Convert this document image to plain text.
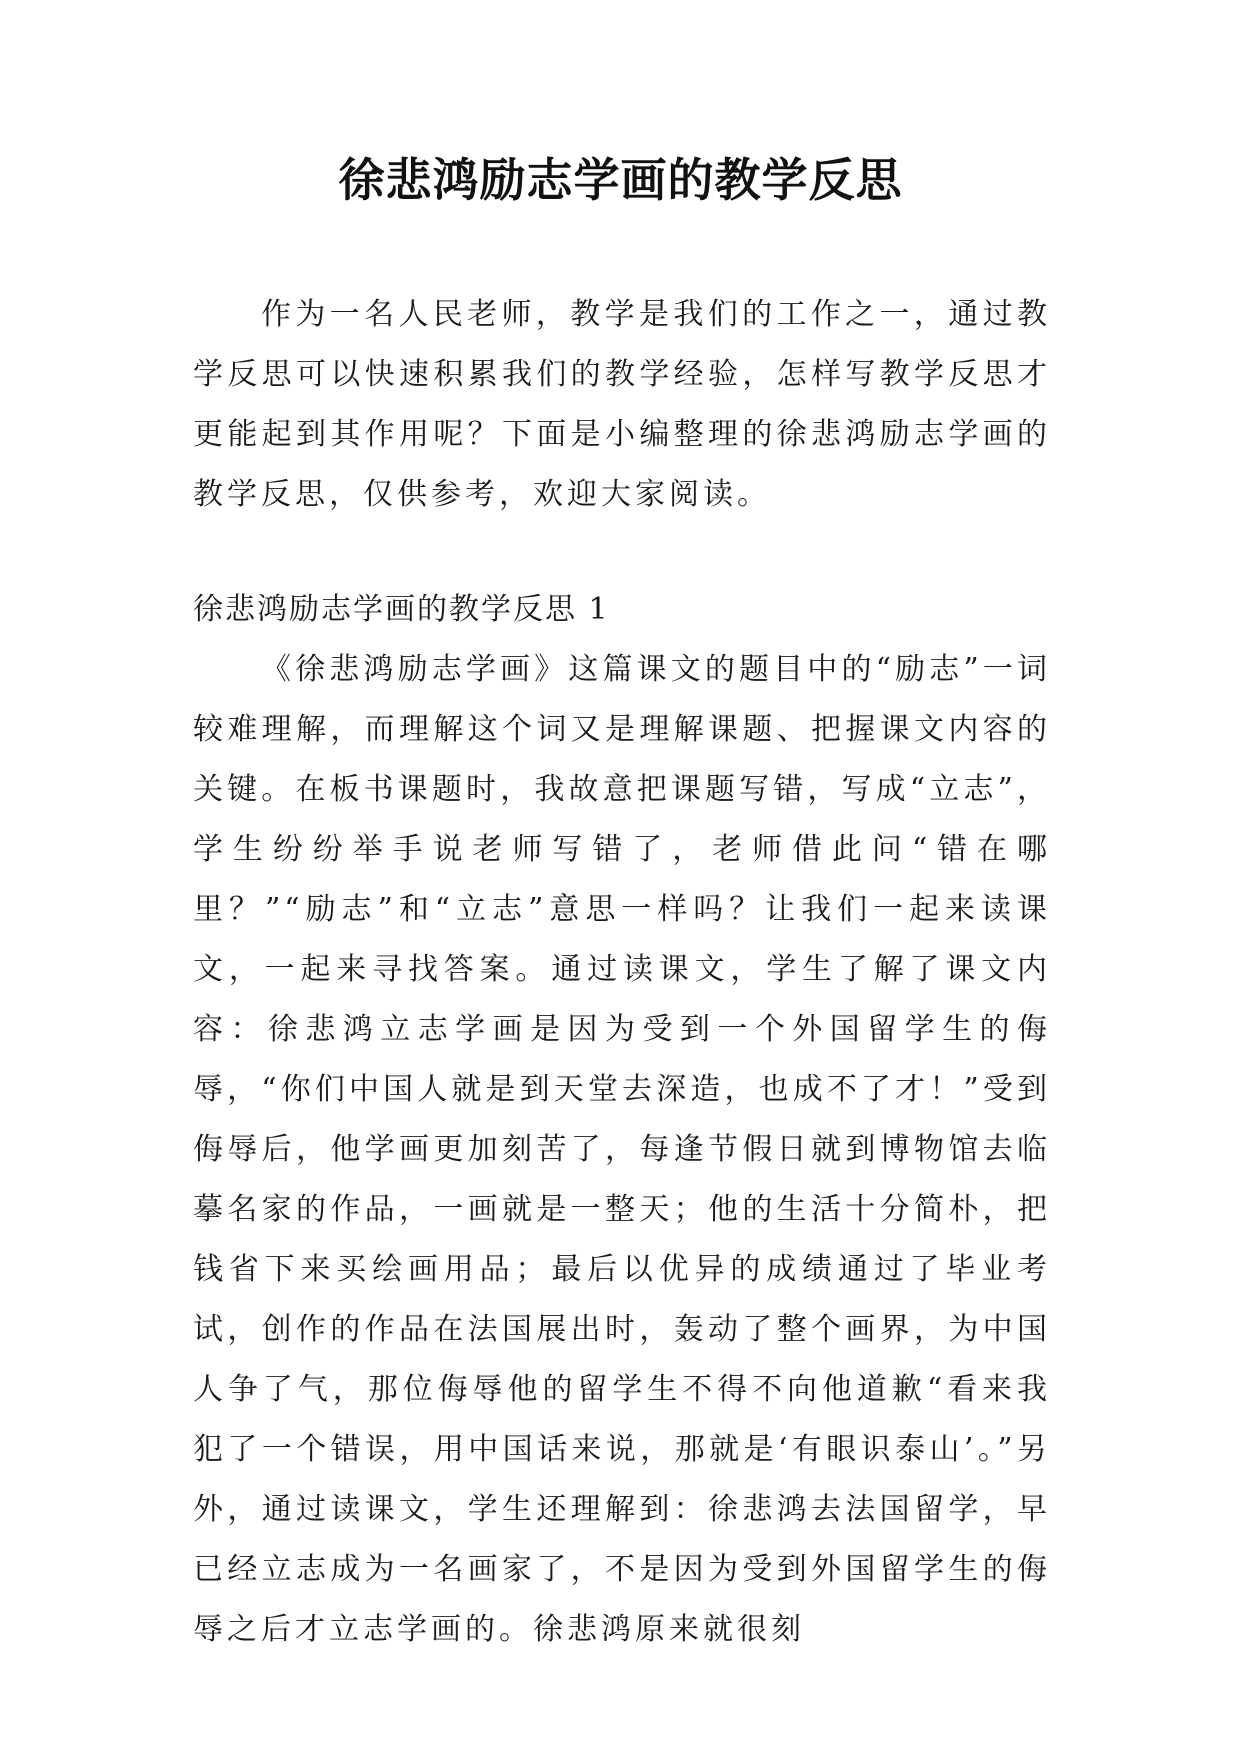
徐悲鸿励志学画的教学反思

作为一名人民老师，教学是我们的工作之一，通过教学反思可以快速积累我们的教学经验，怎样写教学反思才更能起到其作用呢？下面是小编整理的徐悲鸿励志学画的教学反思，仅供参考，欢迎大家阅读。

徐悲鸿励志学画的教学反思 1

《徐悲鸿励志学画》这篇课文的题目中的“励志”一词较难理解，而理解这个词又是理解课题、把握课文内容的关键。在板书课题时，我故意把课题写错，写成“立志”，学生纷纷举手说老师写错了，老师借此问“错在哪里？”“励志”和“立志”意思一样吗？让我们一起来读课文，一起来寻找答案。通过读课文，学生了解了课文内容：徐悲鸿立志学画是因为受到一个外国留学生的侮辱，“你们中国人就是到天堂去深造，也成不了才！”受到侮辱后，他学画更加刻苦了，每逢节假日就到博物馆去临摹名家的作品，一画就是一整天；他的生活十分简朴，把钱省下来买绘画用品；最后以优异的成绩通过了毕业考试，创作的作品在法国展出时，轰动了整个画界，为中国人争了气，那位侮辱他的留学生不得不向他道歉“看来我犯了一个错误，用中国话来说，那就是‘有眼识泰山’。”另外，通过读课文，学生还理解到：徐悲鸿去法国留学，早已经立志成为一名画家了，不是因为受到外国留学生的侮辱之后才立志学画的。徐悲鸿原来就很刻
